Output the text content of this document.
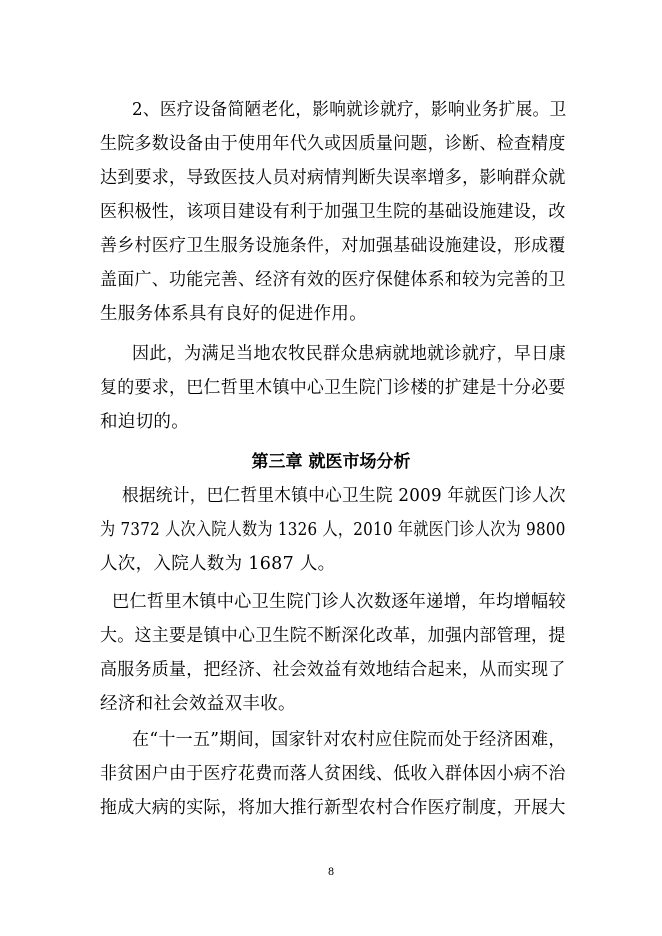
2、医疗设备简陋老化，影响就诊就疗，影响业务扩展。卫
生院多数设备由于使用年代久或因质量问题，诊断、检查精度
达到要求，导致医技人员对病情判断失误率增多，影响群众就
医积极性，该项目建设有利于加强卫生院的基础设施建设，改
善乡村医疗卫生服务设施条件，对加强基础设施建设，形成覆
盖面广、功能完善、经济有效的医疗保健体系和较为完善的卫
生服务体系具有良好的促进作用。
因此，为满足当地农牧民群众患病就地就诊就疗，早日康
复的要求，巴仁哲里木镇中心卫生院门诊楼的扩建是十分必要
和迫切的。
第三章 就医市场分析
根据统计，巴仁哲里木镇中心卫生院 2009 年就医门诊人次
为 7372 人次入院人数为 1326 人，2010 年就医门诊人次为 9800
人次，入院人数为 1687 人。
巴仁哲里木镇中心卫生院门诊人次数逐年递增，年均增幅较
大。这主要是镇中心卫生院不断深化改革，加强内部管理，提
高服务质量，把经济、社会效益有效地结合起来，从而实现了
经济和社会效益双丰收。
在“十一五”期间，国家针对农村应住院而处于经济困难，
非贫困户由于医疗花费而落人贫困线、低收入群体因小病不治
拖成大病的实际，将加大推行新型农村合作医疗制度，开展大
8
